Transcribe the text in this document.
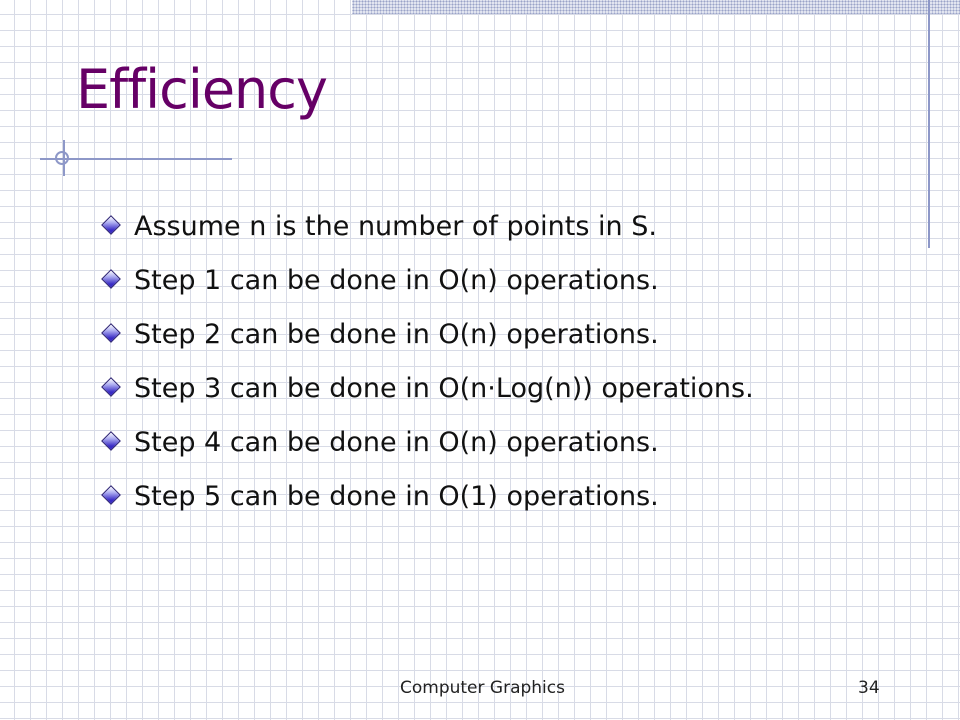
Efficiency
Assume n is the number of points in S.
Step 1 can be done in O(n) operations.
Step 2 can be done in O(n) operations.
Step 3 can be done in O(n·Log(n)) operations.
Step 4 can be done in O(n) operations.
Step 5 can be done in O(1) operations.
Computer Graphics	34
